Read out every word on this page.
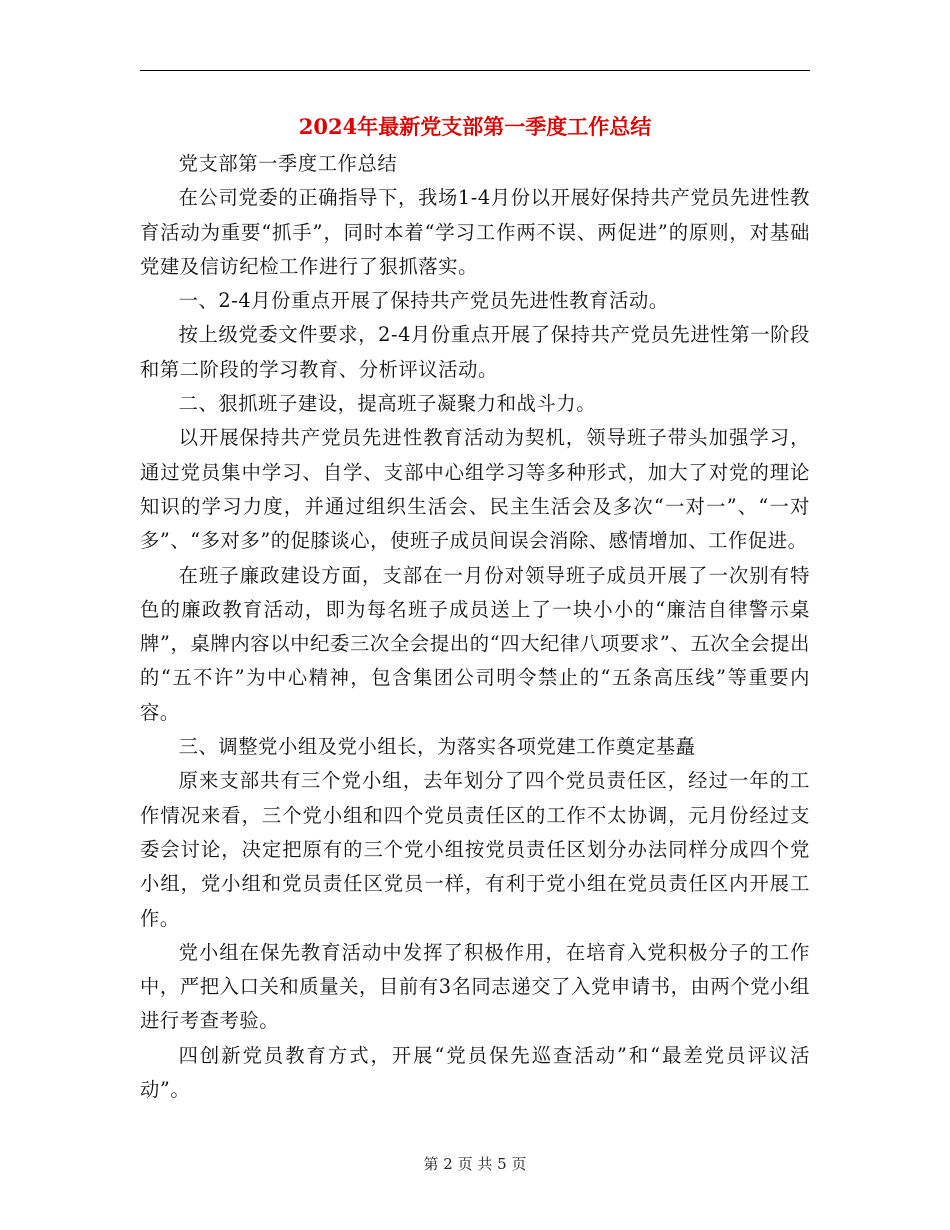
2024年最新党支部第一季度工作总结

党支部第一季度工作总结

在公司党委的正确指导下，我场1-4月份以开展好保持共产党员先进性教育活动为重要“抓手”，同时本着“学习工作两不误、两促进”的原则，对基础党建及信访纪检工作进行了狠抓落实。

一、2-4月份重点开展了保持共产党员先进性教育活动。

按上级党委文件要求，2-4月份重点开展了保持共产党员先进性第一阶段和第二阶段的学习教育、分析评议活动。

二、狠抓班子建设，提高班子凝聚力和战斗力。

以开展保持共产党员先进性教育活动为契机，领导班子带头加强学习，通过党员集中学习、自学、支部中心组学习等多种形式，加大了对党的理论知识的学习力度，并通过组织生活会、民主生活会及多次“一对一”、“一对多”、“多对多”的促膝谈心，使班子成员间误会消除、感情增加、工作促进。

在班子廉政建设方面，支部在一月份对领导班子成员开展了一次别有特色的廉政教育活动，即为每名班子成员送上了一块小小的“廉洁自律警示桌牌”，桌牌内容以中纪委三次全会提出的“四大纪律八项要求”、五次全会提出的“五不许”为中心精神，包含集团公司明令禁止的“五条高压线”等重要内容。

三、调整党小组及党小组长，为落实各项党建工作奠定基矗

原来支部共有三个党小组，去年划分了四个党员责任区，经过一年的工作情况来看，三个党小组和四个党员责任区的工作不太协调，元月份经过支委会讨论，决定把原有的三个党小组按党员责任区划分办法同样分成四个党小组，党小组和党员责任区党员一样，有利于党小组在党员责任区内开展工作。

党小组在保先教育活动中发挥了积极作用，在培育入党积极分子的工作中，严把入口关和质量关，目前有3名同志递交了入党申请书，由两个党小组进行考查考验。

四创新党员教育方式，开展“党员保先巡查活动”和“最差党员评议活动”。

第 2 页 共 5 页
